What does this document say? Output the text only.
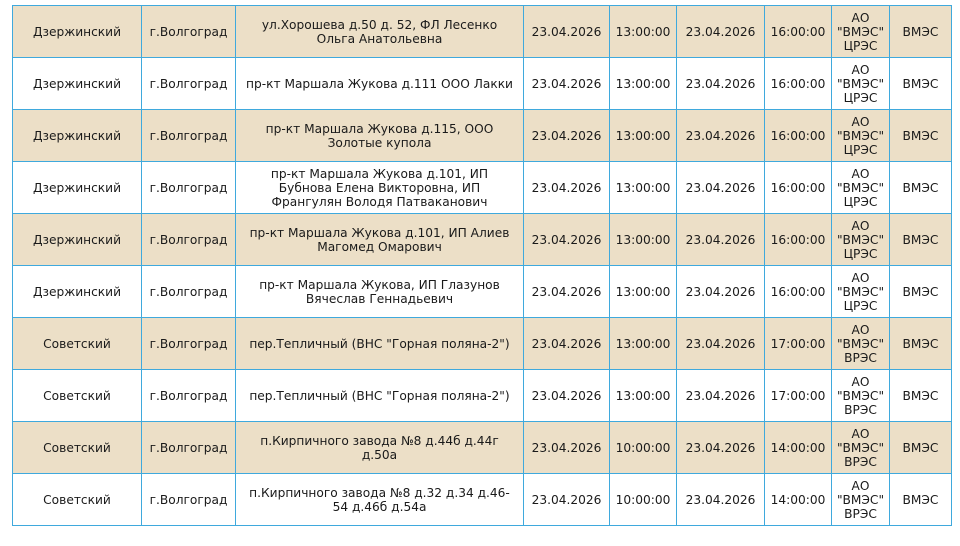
Дзержинский	г.Волгоград	ул.Хорошева д.50 д. 52, ФЛ Лесенко Ольга Анатольевна	23.04.2026	13:00:00	23.04.2026	16:00:00	АО "ВМЭС" ЦРЭС	ВМЭС
Дзержинский	г.Волгоград	пр-кт Маршала Жукова д.111 ООО Лакки	23.04.2026	13:00:00	23.04.2026	16:00:00	АО "ВМЭС" ЦРЭС	ВМЭС
Дзержинский	г.Волгоград	пр-кт Маршала Жукова д.115, ООО Золотые купола	23.04.2026	13:00:00	23.04.2026	16:00:00	АО "ВМЭС" ЦРЭС	ВМЭС
Дзержинский	г.Волгоград	пр-кт Маршала Жукова д.101, ИП Бубнова Елена Викторовна, ИП Франгулян Володя Патваканович	23.04.2026	13:00:00	23.04.2026	16:00:00	АО "ВМЭС" ЦРЭС	ВМЭС
Дзержинский	г.Волгоград	пр-кт Маршала Жукова д.101, ИП Алиев Магомед Омарович	23.04.2026	13:00:00	23.04.2026	16:00:00	АО "ВМЭС" ЦРЭС	ВМЭС
Дзержинский	г.Волгоград	пр-кт Маршала Жукова, ИП Глазунов Вячеслав Геннадьевич	23.04.2026	13:00:00	23.04.2026	16:00:00	АО "ВМЭС" ЦРЭС	ВМЭС
Советский	г.Волгоград	пер.Тепличный (ВНС "Горная поляна-2")	23.04.2026	13:00:00	23.04.2026	17:00:00	АО "ВМЭС" ВРЭС	ВМЭС
Советский	г.Волгоград	пер.Тепличный (ВНС "Горная поляна-2")	23.04.2026	13:00:00	23.04.2026	17:00:00	АО "ВМЭС" ВРЭС	ВМЭС
Советский	г.Волгоград	п.Кирпичного завода №8 д.44б д.44г д.50а	23.04.2026	10:00:00	23.04.2026	14:00:00	АО "ВМЭС" ВРЭС	ВМЭС
Советский	г.Волгоград	п.Кирпичного завода №8 д.32 д.34 д.46-54 д.46б д.54а	23.04.2026	10:00:00	23.04.2026	14:00:00	АО "ВМЭС" ВРЭС	ВМЭС
